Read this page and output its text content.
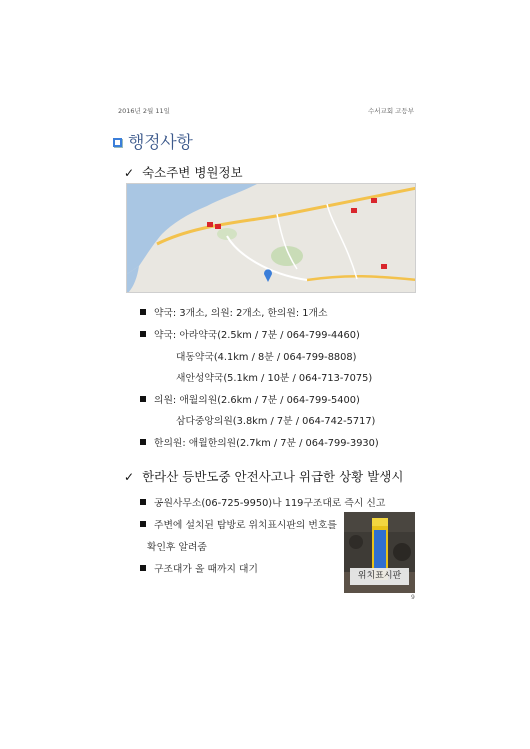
2016년 2월 11일	수서교회 고등부
행정사항
✓ 숙소주변 병원정보
약국: 3개소, 의원: 2개소, 한의원: 1개소
약국: 아라약국(2.5km / 7분 / 064-799-4460)
대동약국(4.1km / 8분 / 064-799-8808)
새안성약국(5.1km / 10분 / 064-713-7075)
의원: 애월의원(2.6km / 7분 / 064-799-5400)
삼다중앙의원(3.8km / 7분 / 064-742-5717)
한의원: 애월한의원(2.7km / 7분 / 064-799-3930)
✓ 한라산 등반도중 안전사고나 위급한 상황 발생시
공원사무소(06-725-9950)나 119구조대로 즉시 신고
주변에 설치된 탐방로 위치표시판의 번호를
확인후 알려줌
구조대가 올 때까지 대기
위치표시판
9
